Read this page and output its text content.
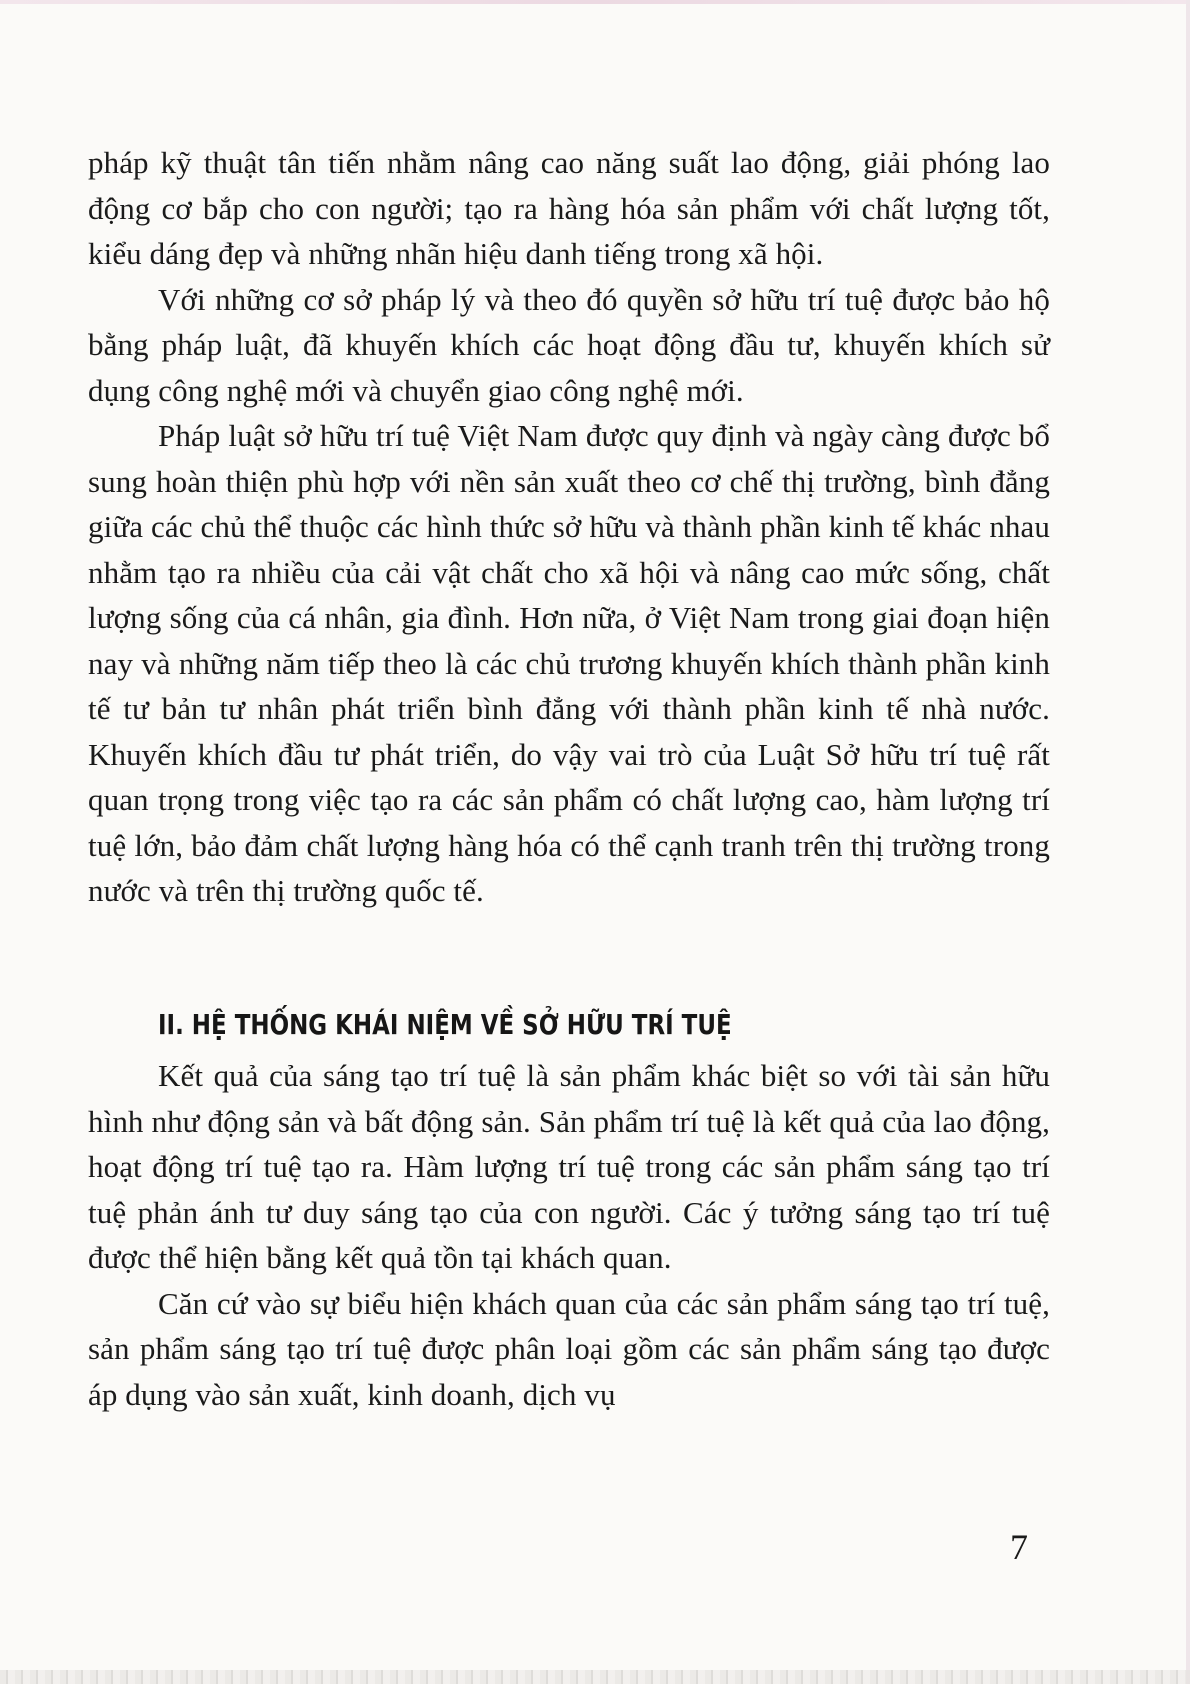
pháp kỹ thuật tân tiến nhằm nâng cao năng suất lao động, giải phóng lao động cơ bắp cho con người; tạo ra hàng hóa sản phẩm với chất lượng tốt, kiểu dáng đẹp và những nhãn hiệu danh tiếng trong xã hội.

Với những cơ sở pháp lý và theo đó quyền sở hữu trí tuệ được bảo hộ bằng pháp luật, đã khuyến khích các hoạt động đầu tư, khuyến khích sử dụng công nghệ mới và chuyển giao công nghệ mới.

Pháp luật sở hữu trí tuệ Việt Nam được quy định và ngày càng được bổ sung hoàn thiện phù hợp với nền sản xuất theo cơ chế thị trường, bình đẳng giữa các chủ thể thuộc các hình thức sở hữu và thành phần kinh tế khác nhau nhằm tạo ra nhiều của cải vật chất cho xã hội và nâng cao mức sống, chất lượng sống của cá nhân, gia đình. Hơn nữa, ở Việt Nam trong giai đoạn hiện nay và những năm tiếp theo là các chủ trương khuyến khích thành phần kinh tế tư bản tư nhân phát triển bình đẳng với thành phần kinh tế nhà nước. Khuyến khích đầu tư phát triển, do vậy vai trò của Luật Sở hữu trí tuệ rất quan trọng trong việc tạo ra các sản phẩm có chất lượng cao, hàm lượng trí tuệ lớn, bảo đảm chất lượng hàng hóa có thể cạnh tranh trên thị trường trong nước và trên thị trường quốc tế.

II. HỆ THỐNG KHÁI NIỆM VỀ SỞ HỮU TRÍ TUỆ

Kết quả của sáng tạo trí tuệ là sản phẩm khác biệt so với tài sản hữu hình như động sản và bất động sản. Sản phẩm trí tuệ là kết quả của lao động, hoạt động trí tuệ tạo ra. Hàm lượng trí tuệ trong các sản phẩm sáng tạo trí tuệ phản ánh tư duy sáng tạo của con người. Các ý tưởng sáng tạo trí tuệ được thể hiện bằng kết quả tồn tại khách quan.

Căn cứ vào sự biểu hiện khách quan của các sản phẩm sáng tạo trí tuệ, sản phẩm sáng tạo trí tuệ được phân loại gồm các sản phẩm sáng tạo được áp dụng vào sản xuất, kinh doanh, dịch vụ

7
